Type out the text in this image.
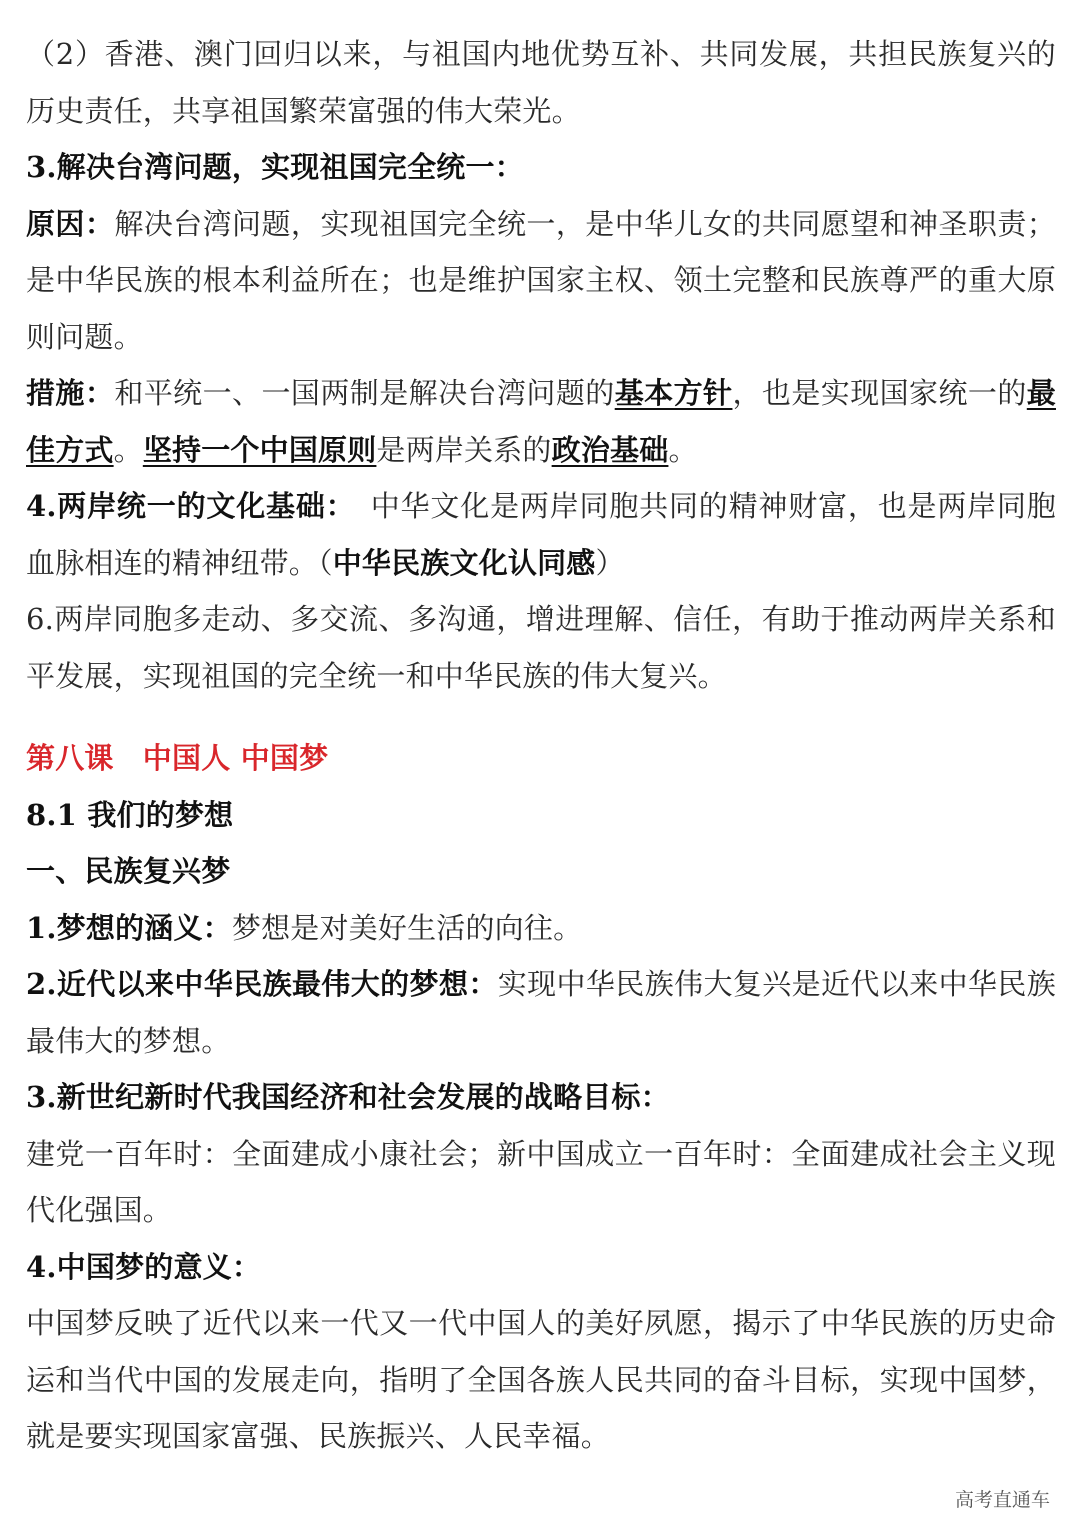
（2）香港、澳门回归以来，与祖国内地优势互补、共同发展，共担民族复兴的历史责任，共享祖国繁荣富强的伟大荣光。

3.解决台湾问题，实现祖国完全统一：

原因：解决台湾问题，实现祖国完全统一，是中华儿女的共同愿望和神圣职责；是中华民族的根本利益所在；也是维护国家主权、领土完整和民族尊严的重大原则问题。

措施：和平统一、一国两制是解决台湾问题的基本方针，也是实现国家统一的最佳方式。坚持一个中国原则是两岸关系的政治基础。

4.两岸统一的文化基础：　中华文化是两岸同胞共同的精神财富，也是两岸同胞血脉相连的精神纽带。（中华民族文化认同感）

6.两岸同胞多走动、多交流、多沟通，增进理解、信任，有助于推动两岸关系和平发展，实现祖国的完全统一和中华民族的伟大复兴。

第八课　中国人 中国梦

8.1 我们的梦想

一、民族复兴梦

1.梦想的涵义：梦想是对美好生活的向往。

2.近代以来中华民族最伟大的梦想：实现中华民族伟大复兴是近代以来中华民族最伟大的梦想。

3.新世纪新时代我国经济和社会发展的战略目标：

建党一百年时：全面建成小康社会；新中国成立一百年时：全面建成社会主义现代化强国。

4.中国梦的意义：

中国梦反映了近代以来一代又一代中国人的美好夙愿，揭示了中华民族的历史命运和当代中国的发展走向，指明了全国各族人民共同的奋斗目标，实现中国梦，就是要实现国家富强、民族振兴、人民幸福。

高考直通车
